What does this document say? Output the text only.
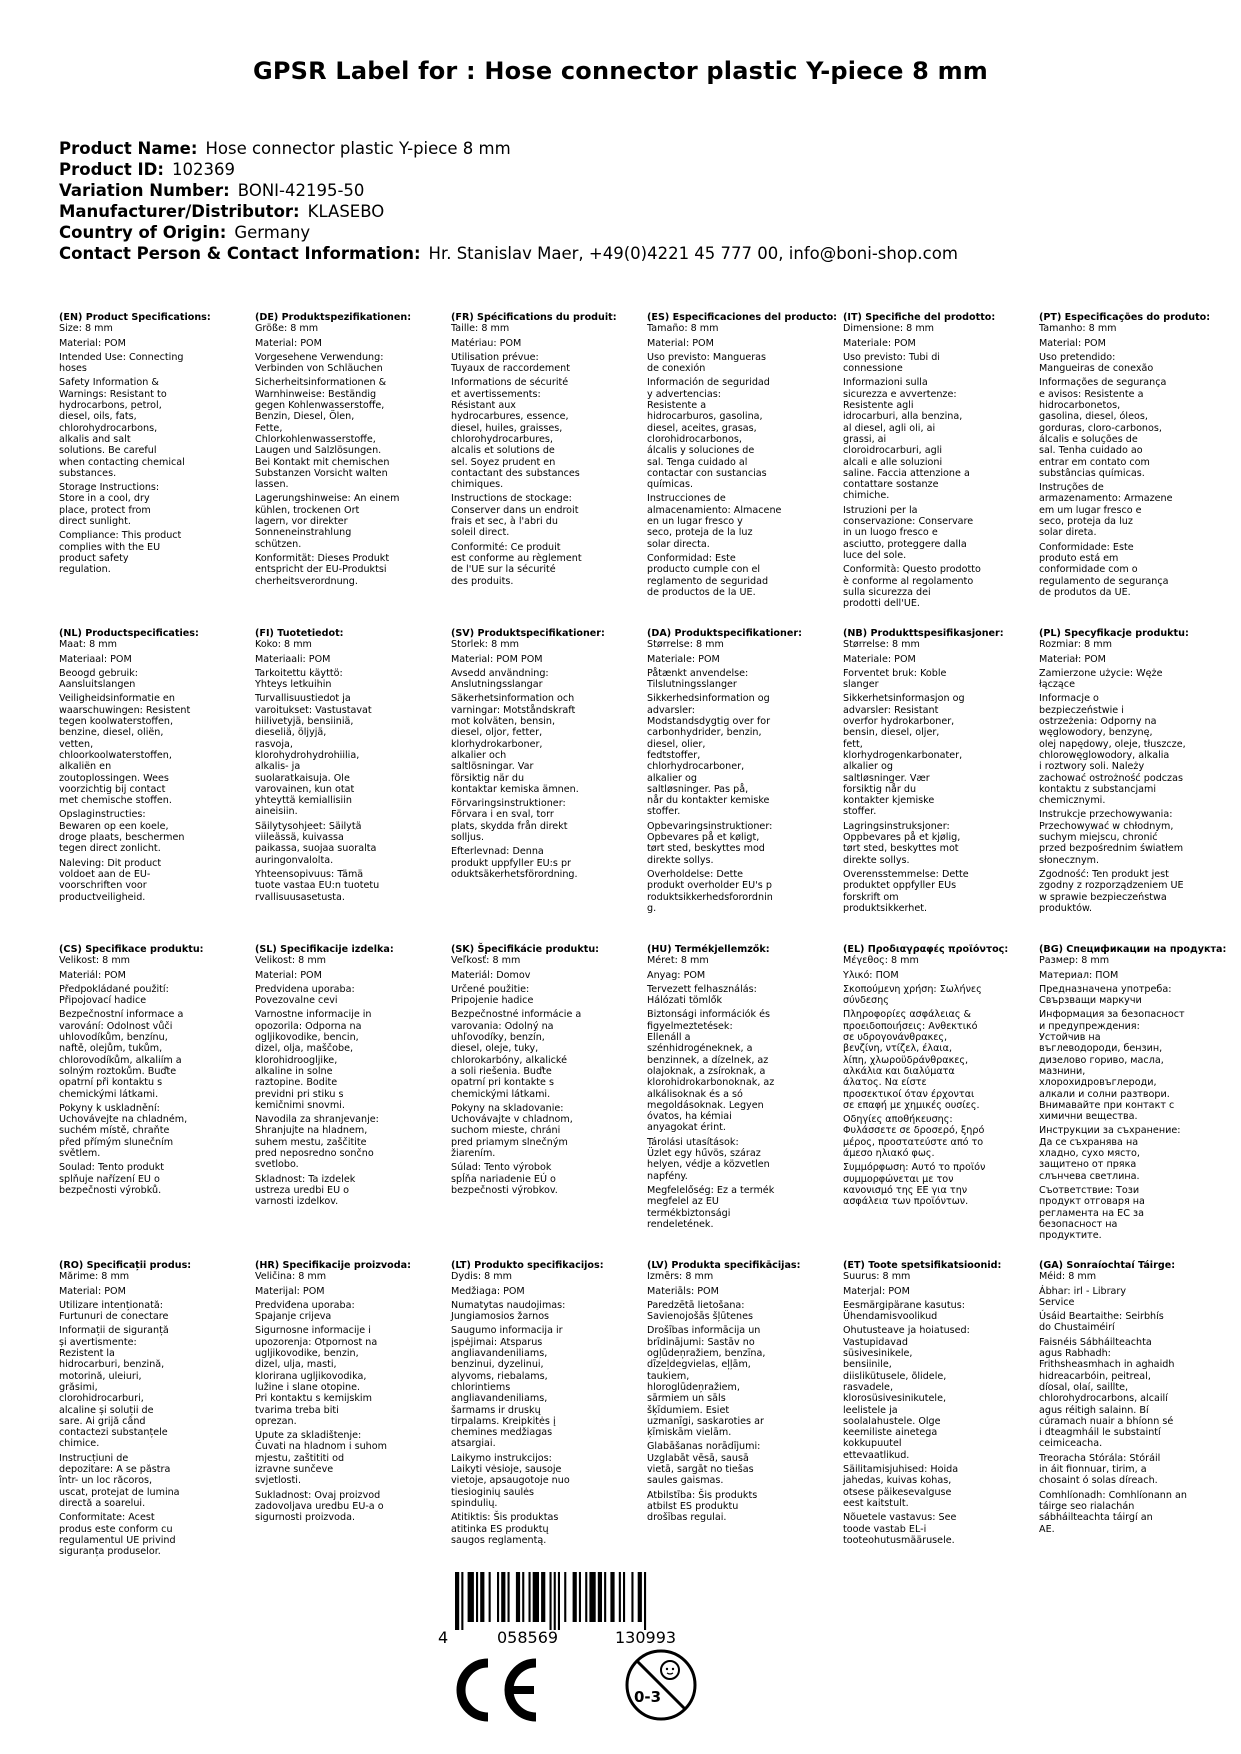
GPSR Label for : Hose connector plastic Y-piece 8 mm
Product Name: Hose connector plastic Y-piece 8 mm
Product ID: 102369
Variation Number: BONI-42195-50
Manufacturer/Distributor: KLASEBO
Country of Origin: Germany
Contact Person & Contact Information: Hr. Stanislav Maer, +49(0)4221 45 777 00, info@boni-shop.com
(EN) Product Specifications:

Size: 8 mm

Material: POM

Intended Use: Connecting
hoses

Safety Information &
Warnings: Resistant to
hydrocarbons, petrol,
diesel, oils, fats,
chlorohydrocarbons,
alkalis and salt
solutions. Be careful
when contacting chemical
substances.

Storage Instructions:
Store in a cool, dry
place, protect from
direct sunlight.

Compliance: This product
complies with the EU
product safety
regulation.

(DE) Produktspezifikationen:

Größe: 8 mm

Material: POM

Vorgesehene Verwendung:
Verbinden von Schläuchen

Sicherheitsinformationen &
Warnhinweise: Beständig
gegen Kohlenwasserstoffe,
Benzin, Diesel, Ölen,
Fette,
Chlorkohlenwasserstoffe,
Laugen und Salzlösungen.
Bei Kontakt mit chemischen
Substanzen Vorsicht walten
lassen.

Lagerungshinweise: An einem
kühlen, trockenen Ort
lagern, vor direkter
Sonneneinstrahlung
schützen.

Konformität: Dieses Produkt
entspricht der EU-Produktsi
cherheitsverordnung.

(FR) Spécifications du produit:

Taille: 8 mm

Matériau: POM

Utilisation prévue:
Tuyaux de raccordement

Informations de sécurité
et avertissements:
Résistant aux
hydrocarbures, essence,
diesel, huiles, graisses,
chlorohydrocarbures,
alcalis et solutions de
sel. Soyez prudent en
contactant des substances
chimiques.

Instructions de stockage:
Conserver dans un endroit
frais et sec, à l'abri du
soleil direct.

Conformité: Ce produit
est conforme au règlement
de l'UE sur la sécurité
des produits.

(ES) Especificaciones del producto:

Tamaño: 8 mm

Material: POM

Uso previsto: Mangueras
de conexión

Información de seguridad
y advertencias:
Resistente a
hidrocarburos, gasolina,
diesel, aceites, grasas,
clorohidrocarbonos,
álcalis y soluciones de
sal. Tenga cuidado al
contactar con sustancias
químicas.

Instrucciones de
almacenamiento: Almacene
en un lugar fresco y
seco, proteja de la luz
solar directa.

Conformidad: Este
producto cumple con el
reglamento de seguridad
de productos de la UE.

(IT) Specifiche del prodotto:

Dimensione: 8 mm

Materiale: POM

Uso previsto: Tubi di
connessione

Informazioni sulla
sicurezza e avvertenze:
Resistente agli
idrocarburi, alla benzina,
al diesel, agli oli, ai
grassi, ai
cloroidrocarburi, agli
alcali e alle soluzioni
saline. Faccia attenzione a
contattare sostanze
chimiche.

Istruzioni per la
conservazione: Conservare
in un luogo fresco e
asciutto, proteggere dalla
luce del sole.

Conformità: Questo prodotto
è conforme al regolamento
sulla sicurezza dei
prodotti dell'UE.

(PT) Especificações do produto:

Tamanho: 8 mm

Material: POM

Uso pretendido:
Mangueiras de conexão

Informações de segurança
e avisos: Resistente a
hidrocarbonetos,
gasolina, diesel, óleos,
gorduras, cloro-carbonos,
álcalis e soluções de
sal. Tenha cuidado ao
entrar em contato com
substâncias químicas.

Instruções de
armazenamento: Armazene
em um lugar fresco e
seco, proteja da luz
solar direta.

Conformidade: Este
produto está em
conformidade com o
regulamento de segurança
de produtos da UE.

(NL) Productspecificaties:

Maat: 8 mm

Materiaal: POM

Beoogd gebruik:
Aansluitslangen

Veiligheidsinformatie en
waarschuwingen: Resistent
tegen koolwaterstoffen,
benzine, diesel, oliën,
vetten,
chloorkoolwaterstoffen,
alkaliën en
zoutoplossingen. Wees
voorzichtig bij contact
met chemische stoffen.

Opslaginstructies:
Bewaren op een koele,
droge plaats, beschermen
tegen direct zonlicht.

Naleving: Dit product
voldoet aan de EU-
voorschriften voor
productveiligheid.

(FI) Tuotetiedot:

Koko: 8 mm

Materiaali: POM

Tarkoitettu käyttö:
Yhteys letkuihin

Turvallisuustiedot ja
varoitukset: Vastustavat
hiilivetyjä, bensiiniä,
dieseliä, öljyjä,
rasvoja,
klorohydrohydrohiilia,
alkalis- ja
suolaratkaisuja. Ole
varovainen, kun otat
yhteyttä kemiallisiin
aineisiin.

Säilytysohjeet: Säilytä
viileässä, kuivassa
paikassa, suojaa suoralta
auringonvalolta.

Yhteensopivuus: Tämä
tuote vastaa EU:n tuotetu
rvallisuusasetusta.

(SV) Produktspecifikationer:

Storlek: 8 mm

Material: POM POM

Avsedd användning:
Anslutningsslangar

Säkerhetsinformation och
varningar: Motståndskraft
mot kolväten, bensin,
diesel, oljor, fetter,
klorhydrokarboner,
alkalier och
saltlösningar. Var
försiktig när du
kontaktar kemiska ämnen.

Förvaringsinstruktioner:
Förvara i en sval, torr
plats, skydda från direkt
solljus.

Efterlevnad: Denna
produkt uppfyller EU:s pr
oduktsäkerhetsförordning.

(DA) Produktspecifikationer:

Størrelse: 8 mm

Materiale: POM

Påtænkt anvendelse:
Tilslutningsslanger

Sikkerhedsinformation og
advarsler:
Modstandsdygtig over for
carbonhydrider, benzin,
diesel, olier,
fedtstoffer,
chlorhydrocarboner,
alkalier og
saltløsninger. Pas på,
når du kontakter kemiske
stoffer.

Opbevaringsinstruktioner:
Opbevares på et køligt,
tørt sted, beskyttes mod
direkte sollys.

Overholdelse: Dette
produkt overholder EU's p
roduktsikkerhedsforordnin
g.

(NB) Produkttspesifikasjoner:

Størrelse: 8 mm

Materiale: POM

Forventet bruk: Koble
slanger

Sikkerhetsinformasjon og
advarsler: Resistant
overfor hydrokarboner,
bensin, diesel, oljer,
fett,
klorhydrogenkarbonater,
alkalier og
saltløsninger. Vær
forsiktig når du
kontakter kjemiske
stoffer.

Lagringsinstruksjoner:
Oppbevares på et kjølig,
tørt sted, beskyttes mot
direkte sollys.

Overensstemmelse: Dette
produktet oppfyller EUs
forskrift om
produktsikkerhet.

(PL) Specyfikacje produktu:

Rozmiar: 8 mm

Materiał: POM

Zamierzone użycie: Węże
łączące

Informacje o
bezpieczeństwie i
ostrzeżenia: Odporny na
węglowodory, benzynę,
olej napędowy, oleje, tłuszcze,
chlorowęglowodory, alkalia
i roztwory soli. Należy
zachować ostrożność podczas
kontaktu z substancjami
chemicznymi.

Instrukcje przechowywania:
Przechowywać w chłodnym,
suchym miejscu, chronić
przed bezpośrednim światłem
słonecznym.

Zgodność: Ten produkt jest
zgodny z rozporządzeniem UE
w sprawie bezpieczeństwa
produktów.

(CS) Specifikace produktu:

Velikost: 8 mm

Materiál: POM

Předpokládané použití:
Připojovací hadice

Bezpečnostní informace a
varování: Odolnost vůči
uhlovodíkům, benzínu,
naftě, olejům, tukům,
chlorovodíkům, alkaliím a
solným roztokům. Buďte
opatrní při kontaktu s
chemickými látkami.

Pokyny k uskladnění:
Uchovávejte na chladném,
suchém místě, chraňte
před přímým slunečním
světlem.

Soulad: Tento produkt
splňuje nařízení EU o
bezpečnosti výrobků.

(SL) Specifikacije izdelka:

Velikost: 8 mm

Material: POM

Predvidena uporaba:
Povezovalne cevi

Varnostne informacije in
opozorila: Odporna na
ogljikovodike, bencin,
dizel, olja, maščobe,
klorohidroogljike,
alkaline in solne
raztopine. Bodite
previdni pri stiku s
kemičnimi snovmi.

Navodila za shranjevanje:
Shranjujte na hladnem,
suhem mestu, zaščitite
pred neposredno sončno
svetlobo.

Skladnost: Ta izdelek
ustreza uredbi EU o
varnosti izdelkov.

(SK) Špecifikácie produktu:

Veľkosť: 8 mm

Materiál: Domov

Určené použitie:
Pripojenie hadice

Bezpečnostné informácie a
varovania: Odolný na
uhľovodíky, benzín,
diesel, oleje, tuky,
chlorokarbóny, alkalické
a soli riešenia. Buďte
opatrní pri kontakte s
chemickými látkami.

Pokyny na skladovanie:
Uchovávajte v chladnom,
suchom mieste, chráni
pred priamym slnečným
žiarením.

Súlad: Tento výrobok
spĺňa nariadenie EÚ o
bezpečnosti výrobkov.

(HU) Termékjellemzők:

Méret: 8 mm

Anyag: POM

Tervezett felhasználás:
Hálózati tömlők

Biztonsági információk és
figyelmeztetések:
Ellenáll a
szénhidrogéneknek, a
benzinnek, a dízelnek, az
olajoknak, a zsíroknak, a
klorohidrokarbonoknak, az
alkálisoknak és a só
megoldásoknak. Legyen
óvatos, ha kémiai
anyagokat érint.

Tárolási utasítások:
Üzlet egy hűvös, száraz
helyen, védje a közvetlen
napfény.

Megfelelőség: Ez a termék
megfelel az EU
termékbiztonsági
rendeletének.

(EL) Προδιαγραφές προϊόντος:

Μέγεθος: 8 mm

Υλικό: ΠΟΜ

Σκοπούμενη χρήση: Σωλήνες
σύνδεσης

Πληροφορίες ασφάλειας &
προειδοποιήσεις: Ανθεκτικό
σε υδρογονάνθρακες,
βενζίνη, ντίζελ, έλαια,
λίπη, χλωροϋδράνθρακες,
αλκάλια και διαλύματα
άλατος. Να είστε
προσεκτικοί όταν έρχονται
σε επαφή με χημικές ουσίες.

Οδηγίες αποθήκευσης:
Φυλάσσετε σε δροσερό, ξηρό
μέρος, προστατεύστε από το
άμεσο ηλιακό φως.

Συμμόρφωση: Αυτό το προϊόν
συμμορφώνεται με τον
κανονισμό της ΕΕ για την
ασφάλεια των προϊόντων.

(BG) Спецификации на продукта:

Размер: 8 mm

Материал: ПОМ

Предназначена употреба:
Свързващи маркучи

Информация за безопасност
и предупреждения:
Устойчив на
въглеводороди, бензин,
дизелово гориво, масла,
мазнини,
хлорохидровъглероди,
алкали и солни разтвори.
Внимавайте при контакт с
химични вещества.

Инструкции за съхранение:
Да се съхранява на
хладно, сухо място,
защитено от пряка
слънчева светлина.

Съответствие: Този
продукт отговаря на
регламента на ЕС за
безопасност на
продуктите.

(RO) Specificații produs:

Mărime: 8 mm

Material: POM

Utilizare intenționată:
Furtunuri de conectare

Informații de siguranță
și avertismente:
Rezistent la
hidrocarburi, benzină,
motorină, uleiuri,
grăsimi,
clorohidrocarburi,
alcaline și soluții de
sare. Ai grijă când
contactezi substanțele
chimice.

Instrucțiuni de
depozitare: A se păstra
într- un loc răcoros,
uscat, protejat de lumina
directă a soarelui.

Conformitate: Acest
produs este conform cu
regulamentul UE privind
siguranța produselor.

(HR) Specifikacije proizvoda:

Veličina: 8 mm

Materijal: POM

Predviđena uporaba:
Spajanje crijeva

Sigurnosne informacije i
upozorenja: Otpornost na
ugljikovodike, benzin,
dizel, ulja, masti,
klorirana ugljikovodika,
lužine i slane otopine.
Pri kontaktu s kemijskim
tvarima treba biti
oprezan.

Upute za skladištenje:
Čuvati na hladnom i suhom
mjestu, zaštititi od
izravne sunčeve
svjetlosti.

Sukladnost: Ovaj proizvod
zadovoljava uredbu EU-a o
sigurnosti proizvoda.

(LT) Produkto specifikacijos:

Dydis: 8 mm

Medžiaga: POM

Numatytas naudojimas:
Jungiamosios žarnos

Saugumo informacija ir
įspėjimai: Atsparus
angliavandeniliams,
benzinui, dyzelinui,
alyvoms, riebalams,
chlorintiems
angliavandeniliams,
šarmams ir druskų
tirpalams. Kreipkitės į
chemines medžiagas
atsargiai.

Laikymo instrukcijos:
Laikyti vėsioje, sausoje
vietoje, apsaugotoje nuo
tiesioginių saulės
spindulių.

Atitiktis: Šis produktas
atitinka ES produktų
saugos reglamentą.

(LV) Produkta specifikācijas:

Izmērs: 8 mm

Materiāls: POM

Paredzētā lietošana:
Savienojošās šļūtenes

Drošības informācija un
brīdinājumi: Sastāv no
ogļūdeņražiem, benzīna,
dīzeļdegvielas, eļļām,
taukiem,
hloroglūdeņražiem,
sārmiem un sāls
šķīdumiem. Esiet
uzmanīgi, saskaroties ar
ķīmiskām vielām.

Glabāšanas norādījumi:
Uzglabāt vēsā, sausā
vietā, sargāt no tiešas
saules gaismas.

Atbilstība: Šis produkts
atbilst ES produktu
drošības regulai.

(ET) Toote spetsifikatsioonid:

Suurus: 8 mm

Materjal: POM

Eesmärgipärane kasutus:
Ühendamisvoolikud

Ohutusteave ja hoiatused:
Vastupidavad
süsivesinikele,
bensiinile,
diislikütusele, õlidele,
rasvadele,
klorosüsivesinikutele,
leelistele ja
soolalahustele. Olge
keemiliste ainetega
kokkupuutel
ettevaatlikud.

Säilitamisjuhised: Hoida
jahedas, kuivas kohas,
otsese päikesevalguse
eest kaitstult.

Nõuetele vastavus: See
toode vastab EL-i
tooteohutusmäärusele.

(GA) Sonraíochtaí Táirge:

Méid: 8 mm

Ábhar: irl - Library
Service

Úsáid Beartaithe: Seirbhís
do Chustaiméirí

Faisnéis Sábháilteachta
agus Rabhadh:
Frithsheasmhach in aghaidh
hidreacarbóin, peitreal,
díosal, olaí, saillte,
chlorohydrocarbons, alcailí
agus réitigh salainn. Bí
cúramach nuair a bhíonn sé
i dteagmháil le substaintí
ceimiceacha.

Treoracha Stórála: Stóráil
in áit fionnuar, tirim, a
chosaint ó solas díreach.

Comhlíonadh: Comhlíonann an
táirge seo rialachán
sábháilteachta táirgí an
AE.

4	058569	130993
0-3
